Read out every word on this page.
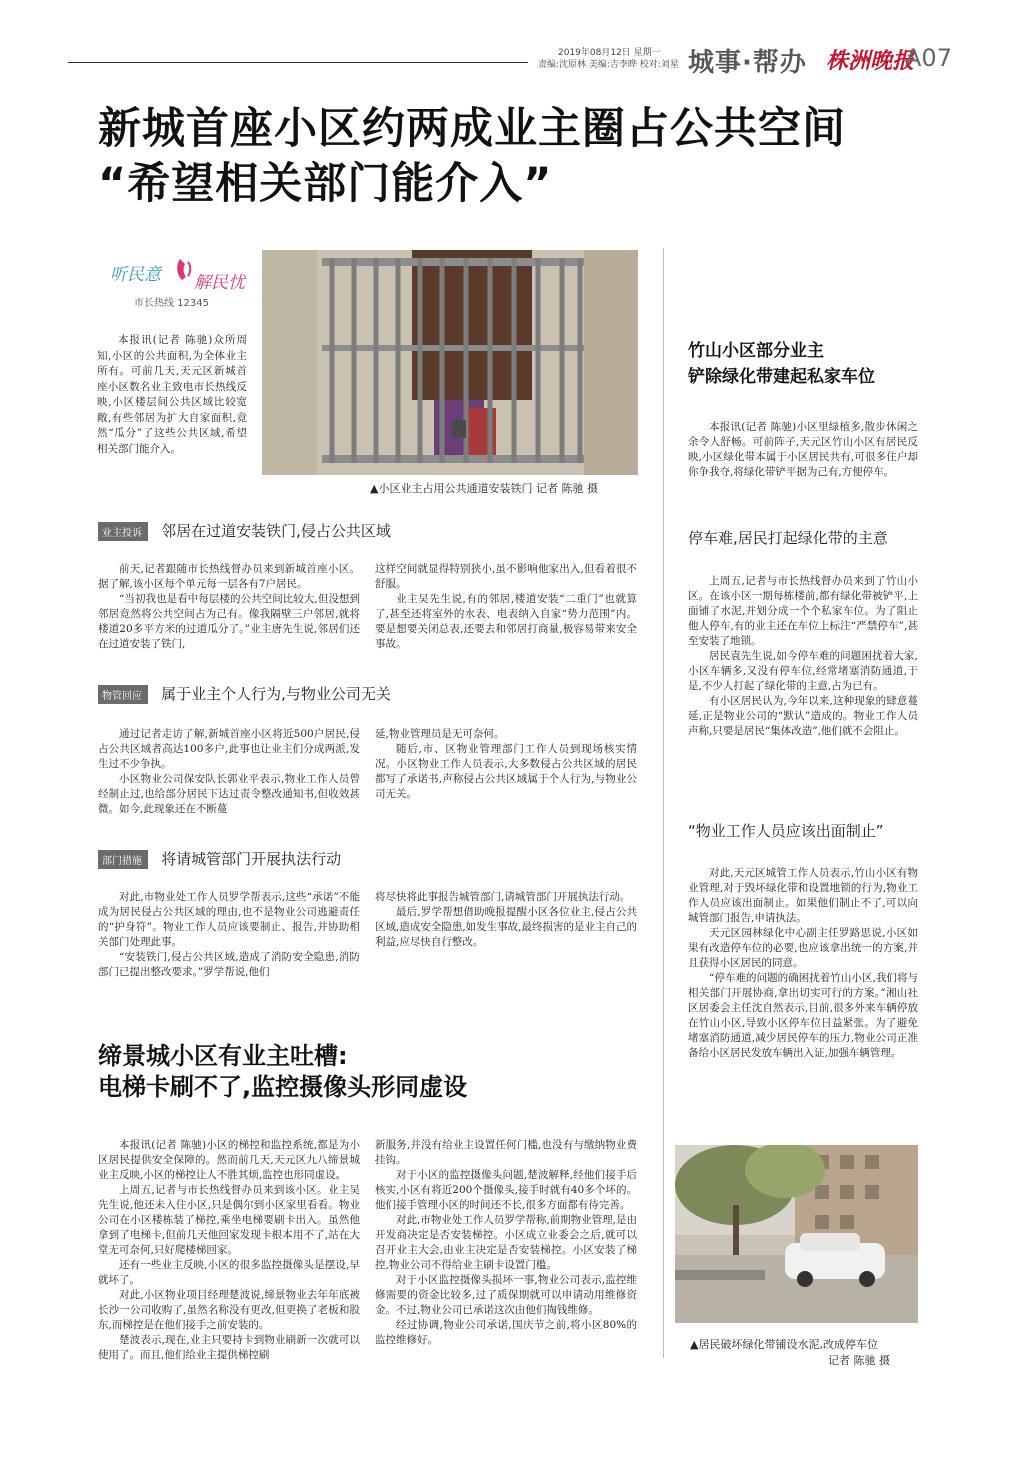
2019年08月12日 星期一
责编:沈原林 美编:吉李晔 校对:刘星 城事·帮办 株洲晚报
A07
新城首座小区约两成业主圈占公共空间
“希望相关部门能介入”
听民意 解民忧
市长热线 12345

本报讯(记者 陈驰)众所周知,小区的公共面积,为全体业主所有。可前几天,天元区新城首座小区数名业主致电市长热线反映,小区楼层间公共区域比较宽敞,有些邻居为扩大自家面积,竟然“瓜分”了这些公共区域,希望相关部门能介入。

▲小区业主占用公共通道安装铁门 记者 陈驰 摄
业主投诉 邻居在过道安装铁门,侵占公共区域

前天,记者跟随市长热线督办员来到新城首座小区。据了解,该小区每个单元每一层各有7户居民。

“当初我也是看中每层楼的公共空间比较大,但没想到邻居竟然将公共空间占为己有。像我隔壁三户邻居,就将楼道20多平方米的过道瓜分了。”业主唐先生说,邻居们还在过道安装了铁门,

这样空间就显得特别狭小,虽不影响他家出入,但看着很不舒服。

业主吴先生说,有的邻居,楼道安装“二重门”也就算了,甚至还将室外的水表、电表纳入自家“势力范围”内。要是想要关闭总表,还要去和邻居打商量,极容易带来安全事故。

物管回应 属于业主个人行为,与物业公司无关

通过记者走访了解,新城首座小区将近500户居民,侵占公共区域者高达100多户,此事也让业主们分成两派,发生过不少争执。

小区物业公司保安队长郭业平表示,物业工作人员曾经制止过,也给部分居民下达过责令整改通知书,但收效甚微。如今,此现象还在不断蔓

延,物业管理员是无可奈何。

随后,市、区物业管理部门工作人员到现场核实情况。小区物业工作人员表示,大多数侵占公共区域的居民都写了承诺书,声称侵占公共区域属于个人行为,与物业公司无关。

部门措施 将请城管部门开展执法行动

对此,市物业处工作人员罗学帮表示,这些“承诺”不能成为居民侵占公共区域的理由,也不是物业公司逃避责任的“护身符”。物业工作人员应该要制止、报告,并协助相关部门处理此事。

“安装铁门,侵占公共区域,造成了消防安全隐患,消防部门已提出整改要求。”罗学帮说,他们

将尽快将此事报告城管部门,请城管部门开展执法行动。

最后,罗学帮想借助晚报提醒小区各位业主,侵占公共区域,造成安全隐患,如发生事故,最终损害的是业主自己的利益,应尽快自行整改。

缔景城小区有业主吐槽:
电梯卡刷不了,监控摄像头形同虚设

本报讯(记者 陈驰)小区的梯控和监控系统,都是为小区居民提供安全保障的。然而前几天,天元区九八缔景城业主反映,小区的梯控让人不胜其烦,监控也形同虚设。

上周五,记者与市长热线督办员来到该小区。业主吴先生说,他还未入住小区,只是偶尔到小区家里看看。物业公司在小区楼栋装了梯控,乘坐电梯要刷卡出入。虽然他拿到了电梯卡,但前几天他回家发现卡根本用不了,站在大堂无可奈何,只好爬楼梯回家。

还有一些业主反映,小区的很多监控摄像头是摆设,早就坏了。

对此,小区物业项目经理楚波说,缔景物业去年年底被长沙一公司收购了,虽然名称没有更改,但更换了老板和股东,而梯控是在他们接手之前安装的。

楚波表示,现在,业主只要持卡到物业刷新一次就可以使用了。而且,他们给业主提供梯控刷

新服务,并没有给业主设置任何门槛,也没有与缴纳物业费挂钩。

对于小区的监控摄像头问题,楚波解释,经他们接手后核实,小区有将近200个摄像头,接手时就有40多个坏的。他们接手管理小区的时间还不长,很多方面都有待完善。

对此,市物业处工作人员罗学帮称,前期物业管理,是由开发商决定是否安装梯控。小区成立业委会之后,就可以召开业主大会,由业主决定是否安装梯控。小区安装了梯控,物业公司不得给业主刷卡设置门槛。

对于小区监控摄像头损坏一事,物业公司表示,监控维修需要的资金比较多,过了质保期就可以申请动用维修资金。不过,物业公司已承诺这次由他们掏钱维修。

经过协调,物业公司承诺,国庆节之前,将小区80%的监控维修好。

竹山小区部分业主
铲除绿化带建起私家车位

本报讯(记者 陈驰)小区里绿植多,散步休闲之余令人舒畅。可前阵子,天元区竹山小区有居民反映,小区绿化带本属于小区居民共有,可很多住户却你争我夺,将绿化带铲平据为己有,方便停车。

停车难,居民打起绿化带的主意

上周五,记者与市长热线督办员来到了竹山小区。在该小区一期每栋楼前,都有绿化带被铲平,上面铺了水泥,并划分成一个个私家车位。为了阻止他人停车,有的业主还在车位上标注“严禁停车”,甚至安装了地锁。

居民袁先生说,如今停车难的问题困扰着大家,小区车辆多,又没有停车位,经常堵塞消防通道,于是,不少人打起了绿化带的主意,占为已有。

有小区居民认为,今年以来,这种现象的肆意蔓延,正是物业公司的“默认”造成的。物业工作人员声称,只要是居民“集体改造”,他们就不会阻止。

“物业工作人员应该出面制止”

对此,天元区城管工作人员表示,竹山小区有物业管理,对于毁坏绿化带和设置地锁的行为,物业工作人员应该出面制止。如果他们制止不了,可以向城管部门报告,申请执法。

天元区园林绿化中心副主任罗路思说,小区如果有改造停车位的必要,也应该拿出统一的方案,并且获得小区居民的同意。

“停车难的问题的确困扰着竹山小区,我们将与相关部门开展协商,拿出切实可行的方案。”湘山社区居委会主任沈自然表示,目前,很多外来车辆停放在竹山小区,导致小区停车位日益紧张。为了避免堵塞消防通道,减少居民停车的压力,物业公司正准备给小区居民发放车辆出入证,加强车辆管理。

▲居民破坏绿化带铺设水泥,改成停车位
记者 陈驰 摄
